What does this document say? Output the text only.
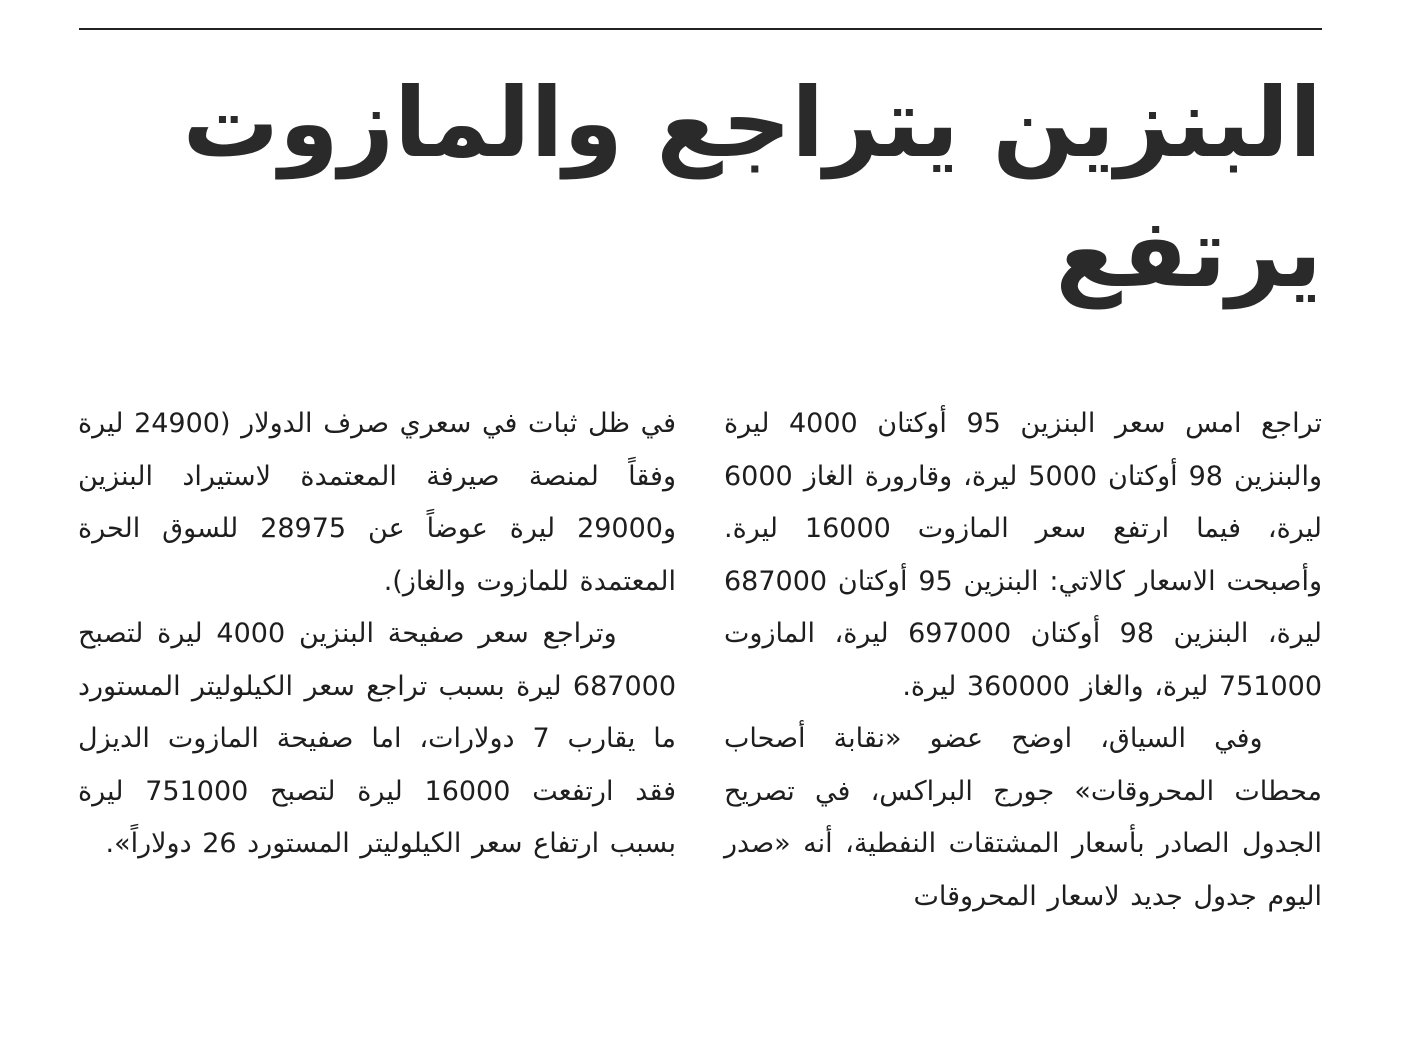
البنزين يتراجع والمازوت يرتفع

تراجع امس سعر البنزين 95 أوكتان 4000 ليرة والبنزين 98 أوكتان 5000 ليرة، وقارورة الغاز 6000 ليرة، فيما ارتفع سعر المازوت 16000 ليرة. وأصبحت الاسعار كالاتي: البنزين 95 أوكتان 687000 ليرة، البنزين 98 أوكتان 697000 ليرة، المازوت 751000 ليرة، والغاز 360000 ليرة.

وفي السياق، اوضح عضو «نقابة أصحاب محطات المحروقات» جورج البراكس، في تصريح الجدول الصادر بأسعار المشتقات النفطية، أنه «صدر اليوم جدول جديد لاسعار المحروقات

في ظل ثبات في سعري صرف الدولار (24900 ليرة وفقاً لمنصة صيرفة المعتمدة لاستيراد البنزين و29000 ليرة عوضاً عن 28975 للسوق الحرة المعتمدة للمازوت والغاز).

وتراجع سعر صفيحة البنزين 4000 ليرة لتصبح 687000 ليرة بسبب تراجع سعر الكيلوليتر المستورد ما يقارب 7 دولارات، اما صفيحة المازوت الديزل فقد ارتفعت 16000 ليرة لتصبح 751000 ليرة بسبب ارتفاع سعر الكيلوليتر المستورد 26 دولاراً».
